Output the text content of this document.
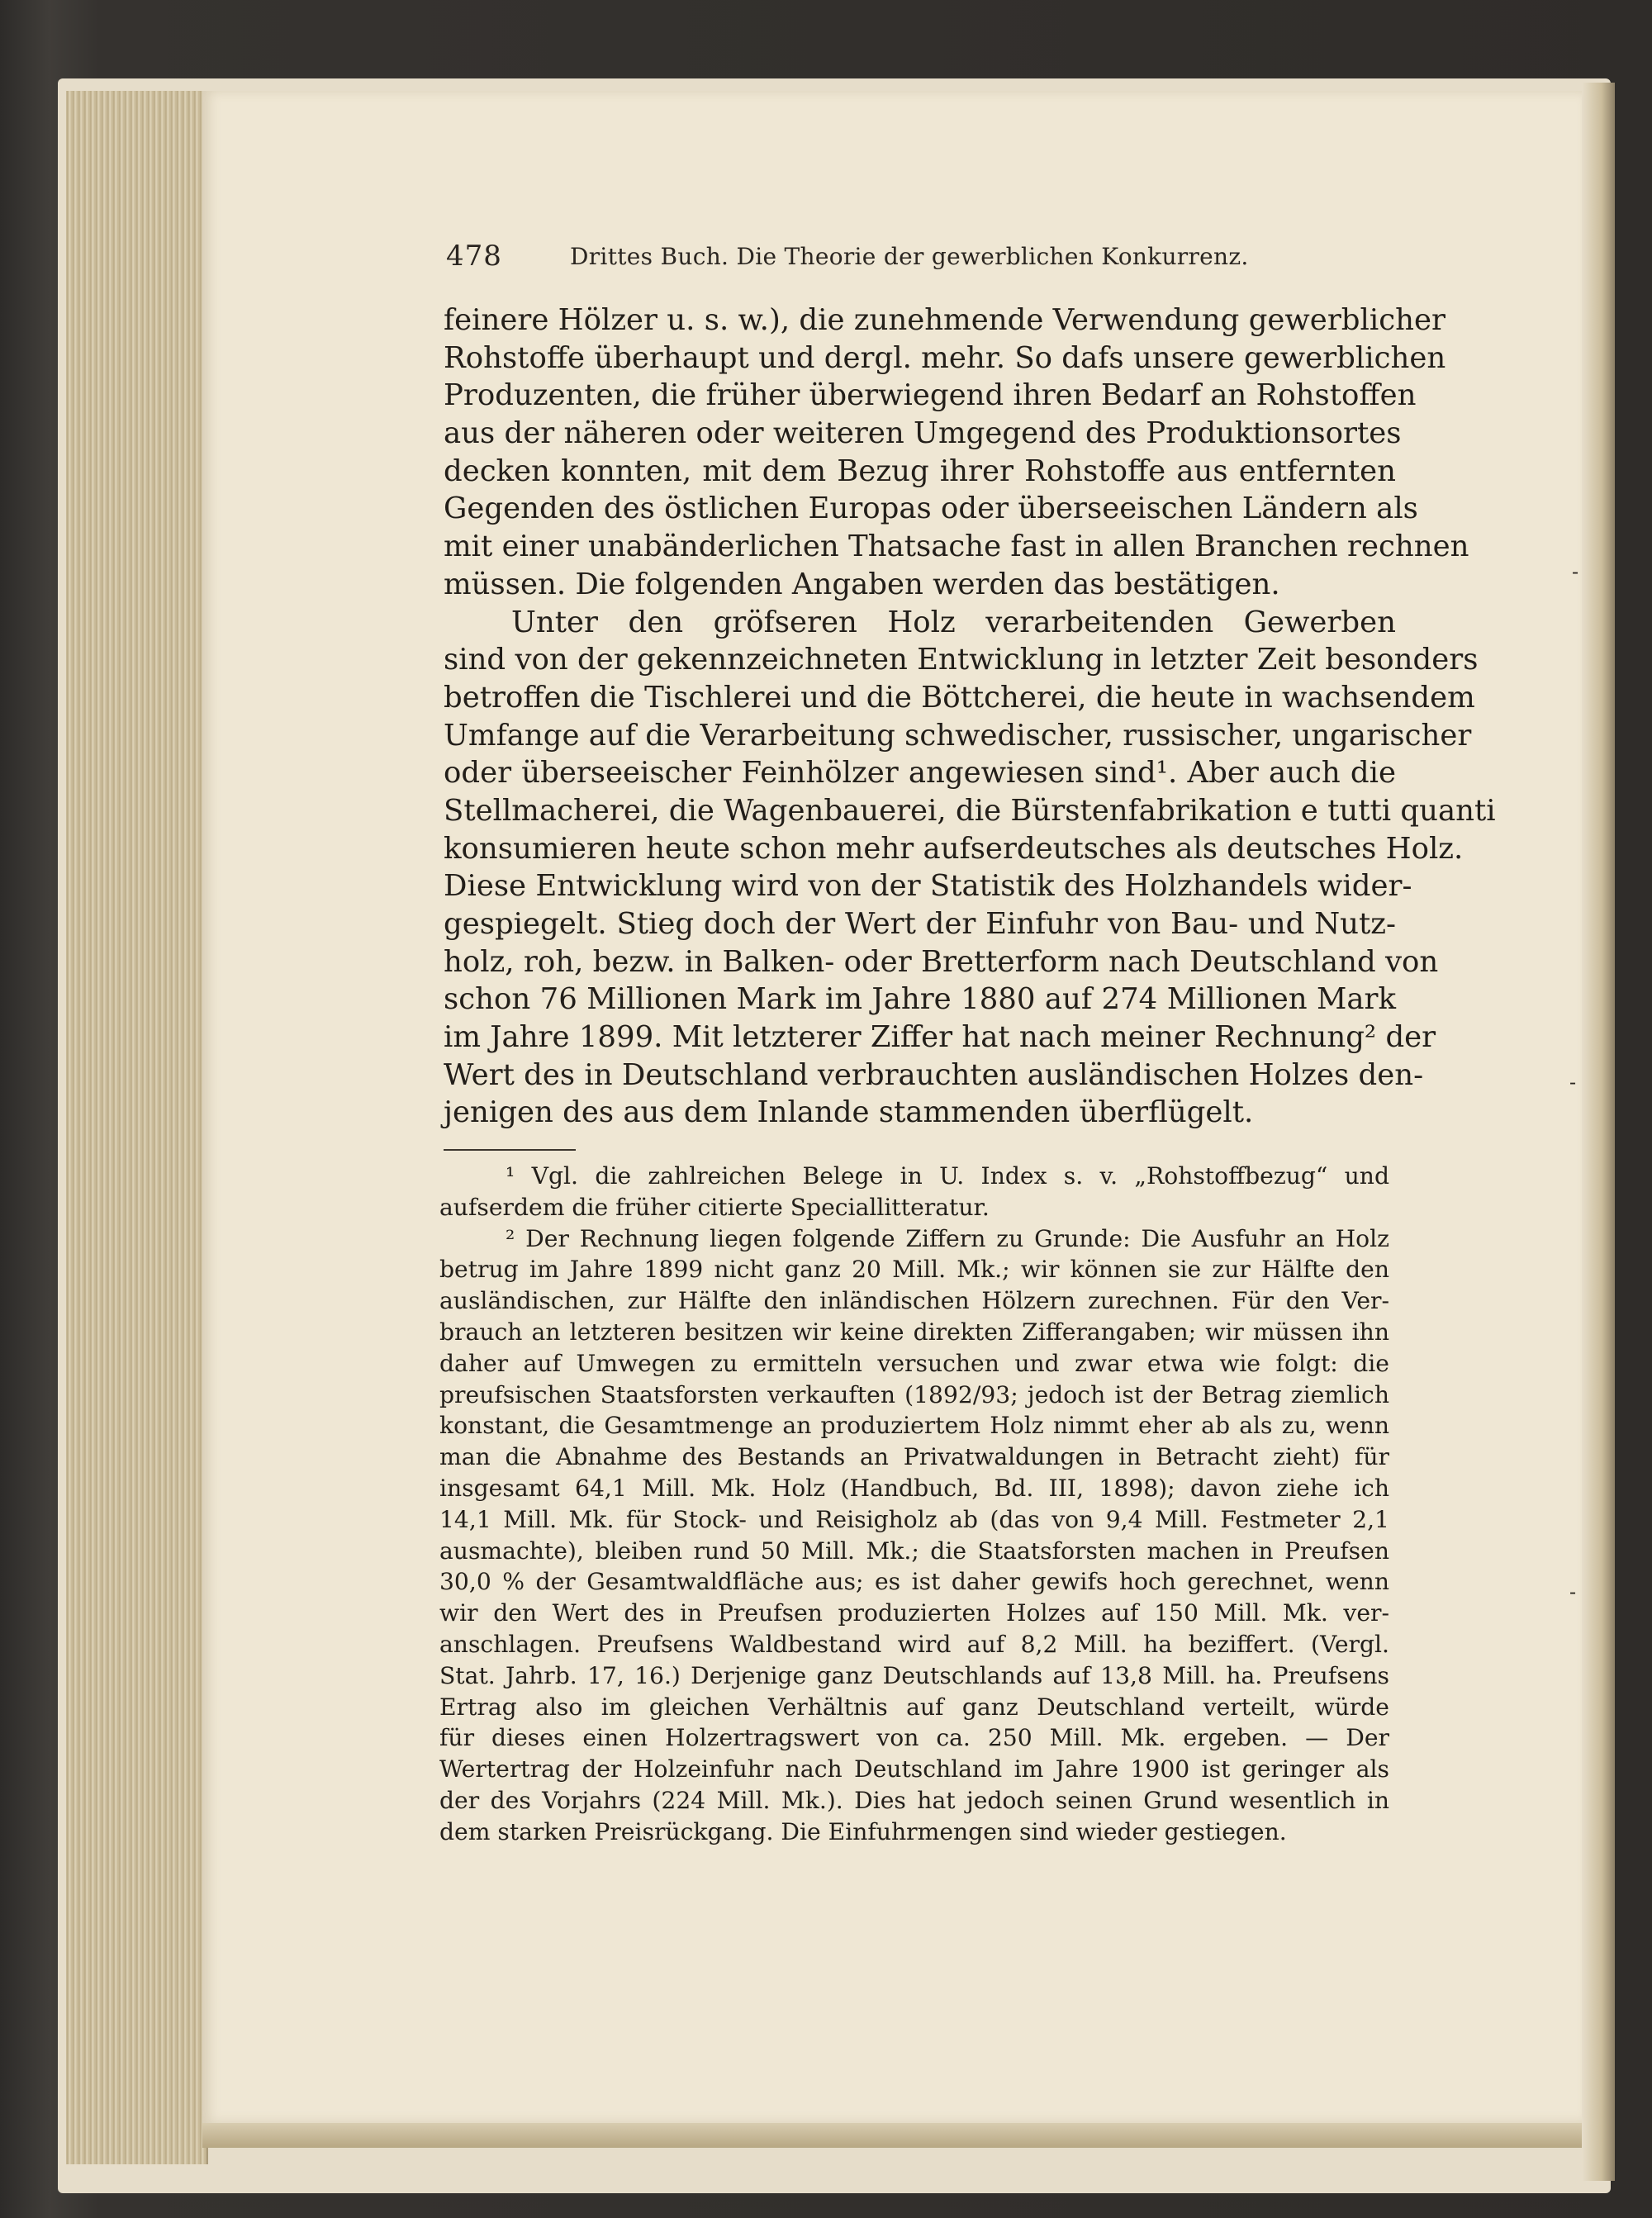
-
-
-
478	Drittes Buch. Die Theorie der gewerblichen Konkurrenz.
feinere Hölzer u. s. w.), die zunehmende Verwendung gewerblicher
Rohstoffe überhaupt und dergl. mehr. So dafs unsere gewerblichen
Produzenten, die früher überwiegend ihren Bedarf an Rohstoffen
aus der näheren oder weiteren Umgegend des Produktionsortes
decken konnten, mit dem Bezug ihrer Rohstoffe aus entfernten
Gegenden des östlichen Europas oder überseeischen Ländern als
mit einer unabänderlichen Thatsache fast in allen Branchen rechnen
müssen. Die folgenden Angaben werden das bestätigen.
Unter den gröfseren Holz verarbeitenden Gewerben
sind von der gekennzeichneten Entwicklung in letzter Zeit besonders
betroffen die Tischlerei und die Böttcherei, die heute in wachsendem
Umfange auf die Verarbeitung schwedischer, russischer, ungarischer
oder überseeischer Feinhölzer angewiesen sind¹. Aber auch die
Stellmacherei, die Wagenbauerei, die Bürstenfabrikation e tutti quanti
konsumieren heute schon mehr aufserdeutsches als deutsches Holz.
Diese Entwicklung wird von der Statistik des Holzhandels wider-
gespiegelt. Stieg doch der Wert der Einfuhr von Bau- und Nutz-
holz, roh, bezw. in Balken- oder Bretterform nach Deutschland von
schon 76 Millionen Mark im Jahre 1880 auf 274 Millionen Mark
im Jahre 1899. Mit letzterer Ziffer hat nach meiner Rechnung² der
Wert des in Deutschland verbrauchten ausländischen Holzes den-
jenigen des aus dem Inlande stammenden überflügelt.
¹ Vgl. die zahlreichen Belege in U. Index s. v. „Rohstoffbezug“ und
aufserdem die früher citierte Speciallitteratur.
² Der Rechnung liegen folgende Ziffern zu Grunde: Die Ausfuhr an Holz
betrug im Jahre 1899 nicht ganz 20 Mill. Mk.; wir können sie zur Hälfte den
ausländischen, zur Hälfte den inländischen Hölzern zurechnen. Für den Ver-
brauch an letzteren besitzen wir keine direkten Zifferangaben; wir müssen ihn
daher auf Umwegen zu ermitteln versuchen und zwar etwa wie folgt: die
preufsischen Staatsforsten verkauften (1892/93; jedoch ist der Betrag ziemlich
konstant, die Gesamtmenge an produziertem Holz nimmt eher ab als zu, wenn
man die Abnahme des Bestands an Privatwaldungen in Betracht zieht) für
insgesamt 64,1 Mill. Mk. Holz (Handbuch, Bd. III, 1898); davon ziehe ich
14,1 Mill. Mk. für Stock- und Reisigholz ab (das von 9,4 Mill. Festmeter 2,1
ausmachte), bleiben rund 50 Mill. Mk.; die Staatsforsten machen in Preufsen
30,0 % der Gesamtwaldfläche aus; es ist daher gewifs hoch gerechnet, wenn
wir den Wert des in Preufsen produzierten Holzes auf 150 Mill. Mk. ver-
anschlagen. Preufsens Waldbestand wird auf 8,2 Mill. ha beziffert. (Vergl.
Stat. Jahrb. 17, 16.) Derjenige ganz Deutschlands auf 13,8 Mill. ha. Preufsens
Ertrag also im gleichen Verhältnis auf ganz Deutschland verteilt, würde
für dieses einen Holzertragswert von ca. 250 Mill. Mk. ergeben. — Der
Wertertrag der Holzeinfuhr nach Deutschland im Jahre 1900 ist geringer als
der des Vorjahrs (224 Mill. Mk.). Dies hat jedoch seinen Grund wesentlich in
dem starken Preisrückgang. Die Einfuhrmengen sind wieder gestiegen.
